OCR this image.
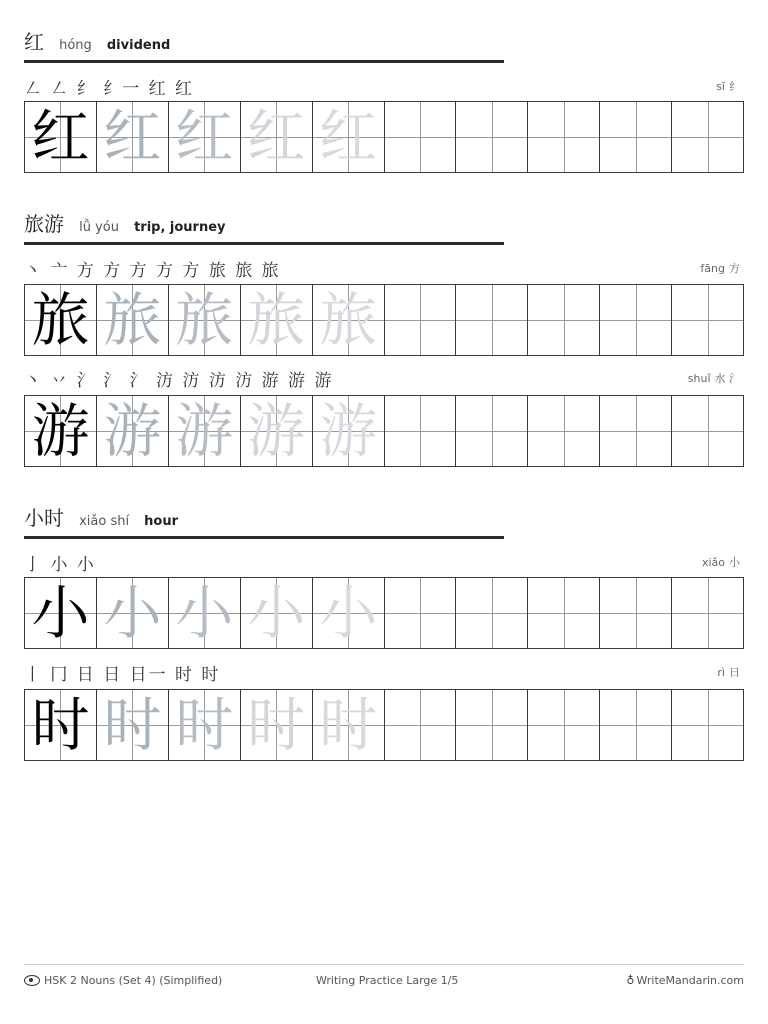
红 hóng dividend
㇜ ㇜ 纟 纟一 红 红	sī 纟
红 红 红 红 红
旅游 lǚ yóu trip, journey
丶 亠 方 方 方 方 方 旅 旅 旅	fāng 方
旅 旅 旅 旅 旅
丶 丷 氵 氵 氵 汸 汸 汸 汸 游 游 游	shuǐ 水 氵
游 游 游 游 游
小时 xiǎo shí hour
亅 小 小	xiǎo 小
小 小 小 小 小
丨 冂 日 日 日一 时 时	rì 日
时 时 时 时 时
HSK 2 Nouns (Set 4) (Simplified)	Writing Practice Large 1/5	♁ WriteMandarin.com
